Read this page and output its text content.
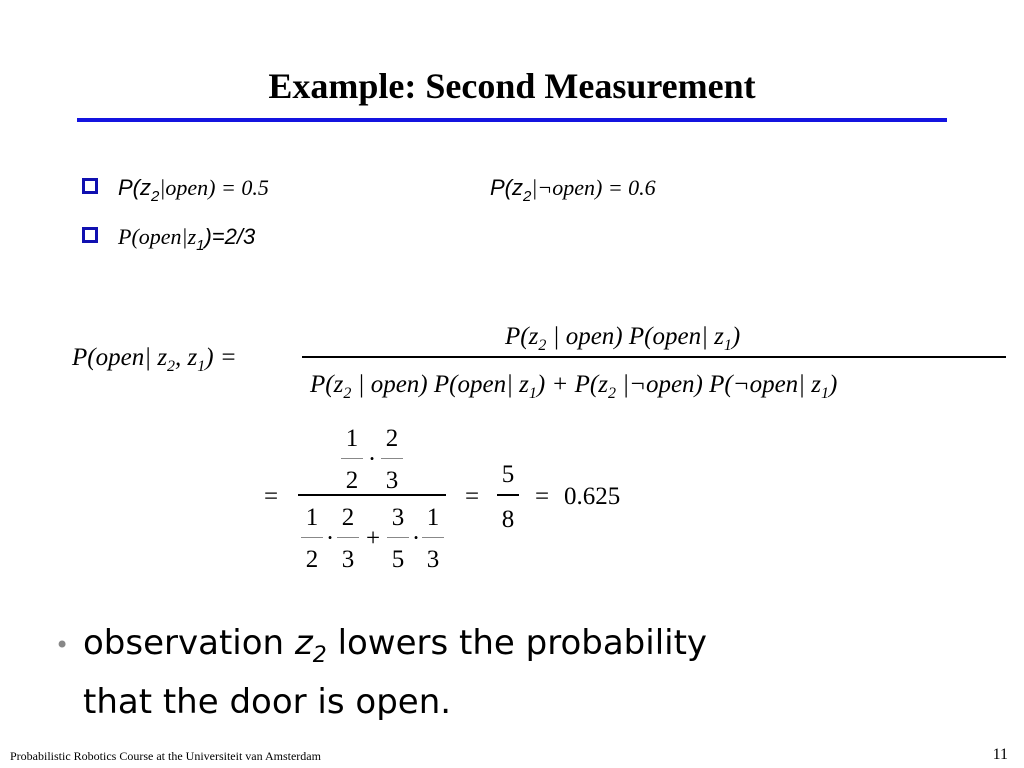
Example: Second Measurement
$P(z_2|open) = 0.5$	$P(z_2|\neg open) = 0.6$
$P(open|z_1)=2/3$
P(open| $z_2$, $z_1$) =
$P(z_2$ | open) P(open| $z_1$)
$P(z_2$ | open) P(open| $z_1) + P(z_2$ |¬open) P(¬open| $z_1$)
=
1
2
·
2
3
1
2
·
2
3
+
3
5
·
1
3
=
5
8
= 0.625
• observation $z_2$ lowers the probability
that the door is open.
Probabilistic Robotics Course at the Universiteit van Amsterdam	11
